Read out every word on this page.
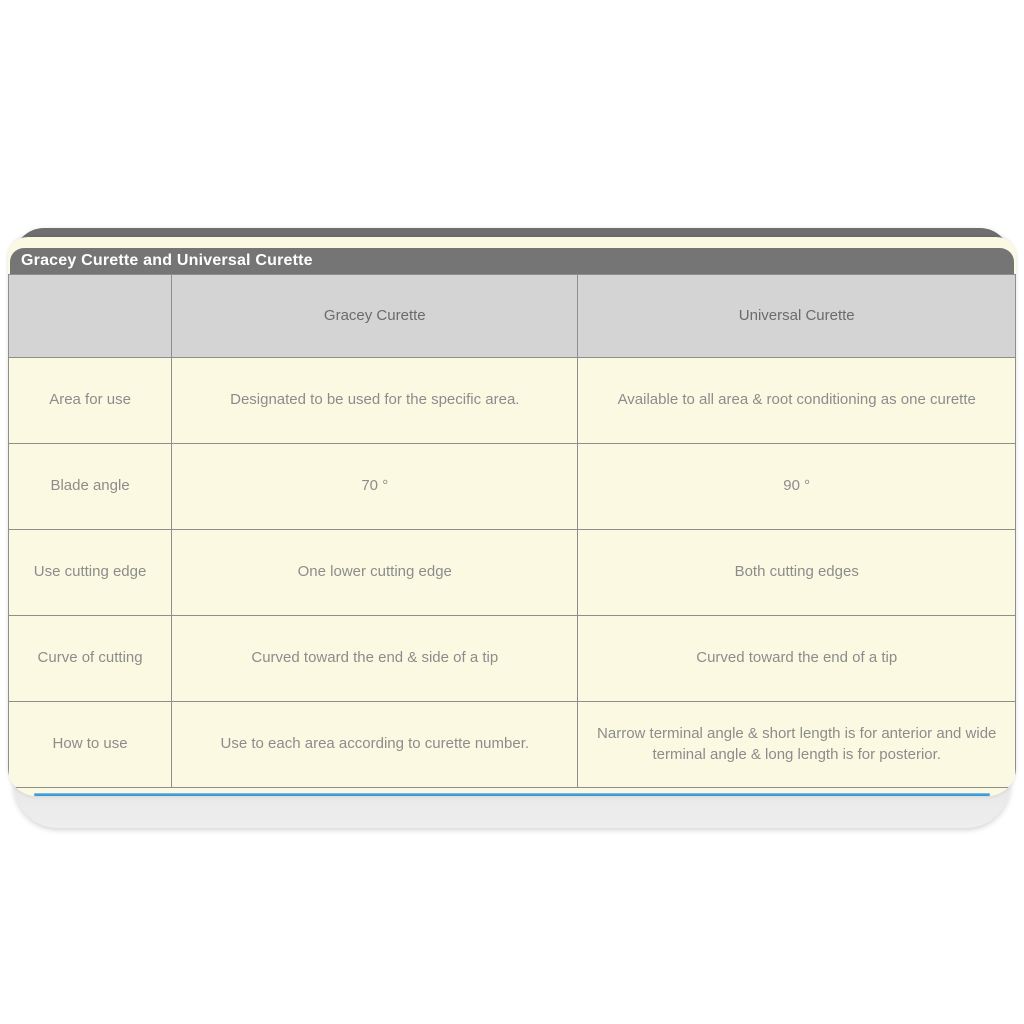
Gracey Curette and Universal Curette
	Gracey Curette	Universal Curette
Area for use	Designated to be used for the specific area.	Available to all area & root conditioning as one curette
Blade angle	70 °	90 °
Use cutting edge	One lower cutting edge	Both cutting edges
Curve of cutting	Curved toward the end & side of a tip	Curved toward the end of a tip
How to use	Use to each area according to curette number.	Narrow terminal angle & short length is for anterior and wide terminal angle & long length is for posterior.
